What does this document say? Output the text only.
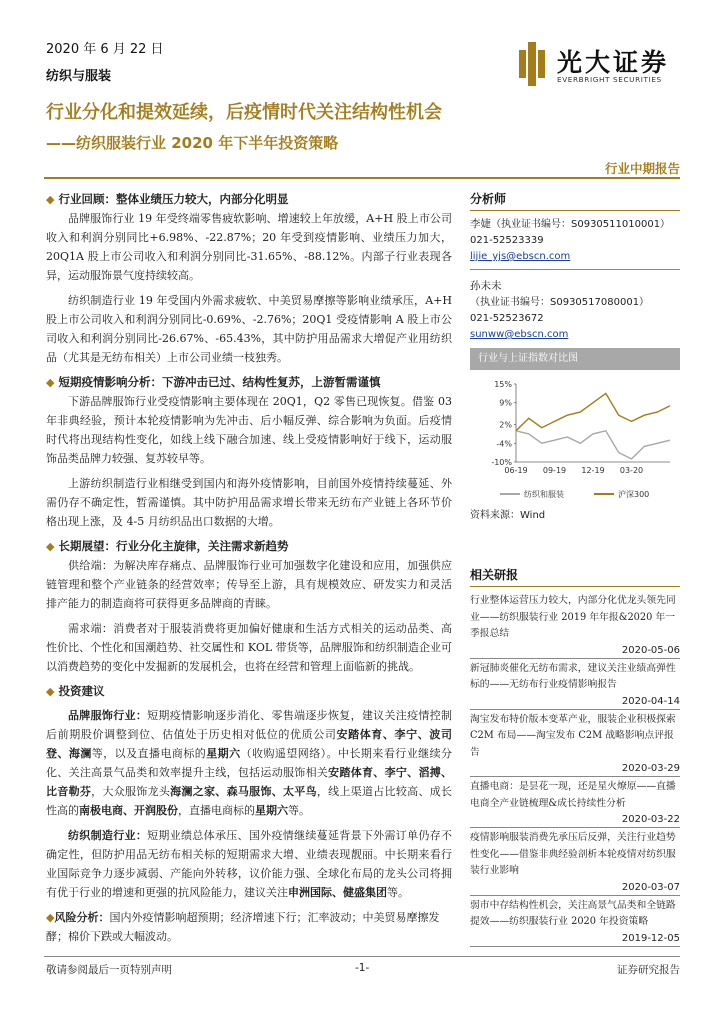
2020 年 6 月 22 日
纺织与服装	光大证券
EVERBRIGHT SECURITIES
行业分化和提效延续，后疫情时代关注结构性机会
——纺织服装行业 2020 年下半年投资策略
行业中期报告

◆ 行业回顾：整体业绩压力较大，内部分化明显

品牌服饰行业 19 年受终端零售疲软影响、增速较上年放缓，A+H 股上市公司收入和利润分别同比+6.98%、-22.87%；20 年受到疫情影响、业绩压力加大，20Q1A 股上市公司收入和利润分别同比-31.65%、-88.12%。内部子行业表现各异，运动服饰景气度持续较高。

纺织制造行业 19 年受国内外需求疲软、中美贸易摩擦等影响业绩承压，A+H 股上市公司收入和利润分别同比-0.69%、-2.76%；20Q1 受疫情影响 A 股上市公司收入和利润分别同比-26.67%、-65.43%，其中防护用品需求大增促产业用纺织品（尤其是无纺布相关）上市公司业绩一枝独秀。

◆ 短期疫情影响分析：下游冲击已过、结构性复苏，上游暂需谨慎

下游品牌服饰行业受疫情影响主要体现在 20Q1，Q2 零售已现恢复。借鉴 03 年非典经验，预计本轮疫情影响为先冲击、后小幅反弹、综合影响为负面。后疫情时代将出现结构性变化，如线上线下融合加速、线上受疫情影响好于线下，运动服饰品类品牌力较强、复苏较早等。

上游纺织制造行业相继受到国内和海外疫情影响，目前国外疫情持续蔓延、外需仍存不确定性，暂需谨慎。其中防护用品需求增长带来无纺布产业链上各环节价格出现上涨，及 4-5 月纺织品出口数据的大增。

◆ 长期展望：行业分化主旋律，关注需求新趋势

供给端：为解决库存痛点、品牌服饰行业可加强数字化建设和应用，加强供应链管理和整个产业链条的经营效率；传导至上游，具有规模效应、研发实力和灵活排产能力的制造商将可获得更多品牌商的青睐。

需求端：消费者对于服装消费将更加偏好健康和生活方式相关的运动品类、高性价比、个性化和国潮趋势、社交属性和 KOL 带货等，品牌服饰和纺织制造企业可以消费趋势的变化中发掘新的发展机会，也将在经营和管理上面临新的挑战。

◆ 投资建议

品牌服饰行业：短期疫情影响逐步消化、零售端逐步恢复，建议关注疫情控制后前期股价调整到位、估值处于历史相对低位的优质公司安踏体育、李宁、波司登、海澜等，以及直播电商标的星期六（收购遥望网络）。中长期来看行业继续分化、关注高景气品类和效率提升主线，包括运动服饰相关安踏体育、李宁、滔搏、比音勒芬，大众服饰龙头海澜之家、森马服饰、太平鸟，线上渠道占比较高、成长性高的南极电商、开润股份，直播电商标的星期六等。

纺织制造行业：短期业绩总体承压、国外疫情继续蔓延背景下外需订单仍存不确定性，但防护用品无纺布相关标的短期需求大增、业绩表现靓丽。中长期来看行业国际竞争力逐步减弱、产能向外转移，议价能力强、全球化布局的龙头公司将拥有优于行业的增速和更强的抗风险能力，建议关注申洲国际、健盛集团等。

◆风险分析：国内外疫情影响超预期；经济增速下行；汇率波动；中美贸易摩擦发酵；棉价下跌或大幅波动。

分析师

李婕（执业证书编号：S0930511010001）

021-52523339

lijie_yjs@ebscn.com

孙未未（执业证书编号：S0930517080001）

021-52523672

sunww@ebscn.com

行业与上证指数对比图
15%
9%
2%
-4%
-10%
06-19 09-19 12-19 03-20
纺织和服装	沪深300
资料来源：Wind

相关研报

行业整体运营压力较大，内部分化优龙头领先同业——纺织服装行业 2019 年年报&2020 年一季报总结

2020-05-06

新冠肺炎催化无纺布需求，建议关注业绩高弹性标的——无纺布行业疫情影响报告

2020-04-14

淘宝发布特价版本变革产业，服装企业积极探索 C2M 布局——淘宝发布 C2M 战略影响点评报告

2020-03-29

直播电商：是昙花一现，还是星火燎原——直播电商全产业链梳理&成长持续性分析

2020-03-22

疫情影响服装消费先承压后反弹，关注行业趋势性变化——借鉴非典经验剖析本轮疫情对纺织服装行业影响

2020-03-07

弱市中存结构性机会，关注高景气品类和全链路提效——纺织服装行业 2020 年投资策略

2019-12-05
敬请参阅最后一页特别声明	-1-	证券研究报告
